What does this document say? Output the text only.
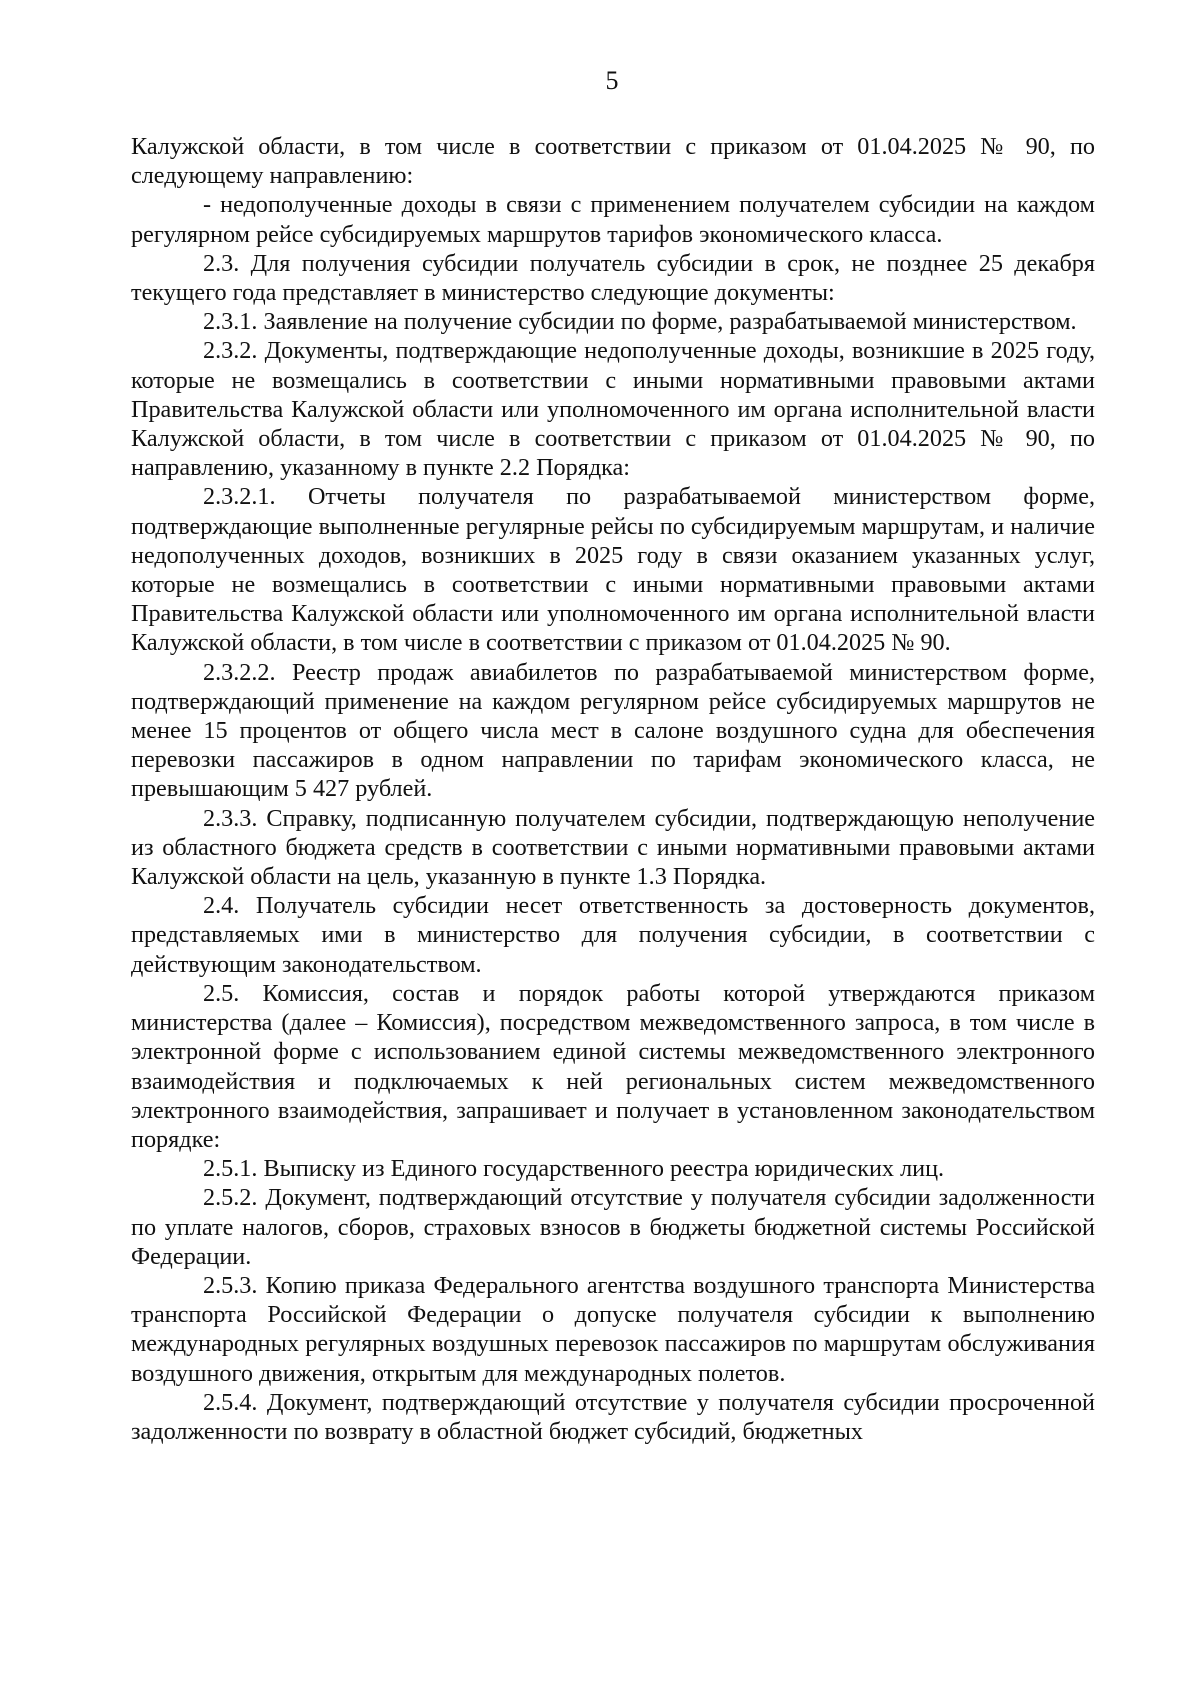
5

Калужской области, в том числе в соответствии с приказом от 01.04.2025 № 90, по следующему направлению:

- недополученные доходы в связи с применением получателем субсидии на каждом регулярном рейсе субсидируемых маршрутов тарифов экономического класса.

2.3. Для получения субсидии получатель субсидии в срок, не позднее 25 декабря текущего года представляет в министерство следующие документы:

2.3.1. Заявление на получение субсидии по форме, разрабатываемой министерством.

2.3.2. Документы, подтверждающие недополученные доходы, возникшие в 2025 году, которые не возмещались в соответствии с иными нормативными правовыми актами Правительства Калужской области или уполномоченного им органа исполнительной власти Калужской области, в том числе в соответствии с приказом от 01.04.2025 № 90, по направлению, указанному в пункте 2.2 Порядка:

2.3.2.1. Отчеты получателя по разрабатываемой министерством форме, подтверждающие выполненные регулярные рейсы по субсидируемым маршрутам, и наличие недополученных доходов, возникших в 2025 году в связи оказанием указанных услуг, которые не возмещались в соответствии с иными нормативными правовыми актами Правительства Калужской области или уполномоченного им органа исполнительной власти Калужской области, в том числе в соответствии с приказом от 01.04.2025 № 90.

2.3.2.2. Реестр продаж авиабилетов по разрабатываемой министерством форме, подтверждающий применение на каждом регулярном рейсе субсидируемых маршрутов не менее 15 процентов от общего числа мест в салоне воздушного судна для обеспечения перевозки пассажиров в одном направлении по тарифам экономического класса, не превышающим 5 427 рублей.

2.3.3. Справку, подписанную получателем субсидии, подтверждающую неполучение из областного бюджета средств в соответствии с иными нормативными правовыми актами Калужской области на цель, указанную в пункте 1.3 Порядка.

2.4. Получатель субсидии несет ответственность за достоверность документов, представляемых ими в министерство для получения субсидии, в соответствии с действующим законодательством.

2.5. Комиссия, состав и порядок работы которой утверждаются приказом министерства (далее – Комиссия), посредством межведомственного запроса, в том числе в электронной форме с использованием единой системы межведомственного электронного взаимодействия и подключаемых к ней региональных систем межведомственного электронного взаимодействия, запрашивает и получает в установленном законодательством порядке:

2.5.1. Выписку из Единого государственного реестра юридических лиц.

2.5.2. Документ, подтверждающий отсутствие у получателя субсидии задолженности по уплате налогов, сборов, страховых взносов в бюджеты бюджетной системы Российской Федерации.

2.5.3. Копию приказа Федерального агентства воздушного транспорта Министерства транспорта Российской Федерации о допуске получателя субсидии к выполнению международных регулярных воздушных перевозок пассажиров по маршрутам обслуживания воздушного движения, открытым для международных полетов.

2.5.4. Документ, подтверждающий отсутствие у получателя субсидии просроченной задолженности по возврату в областной бюджет субсидий, бюджетных
